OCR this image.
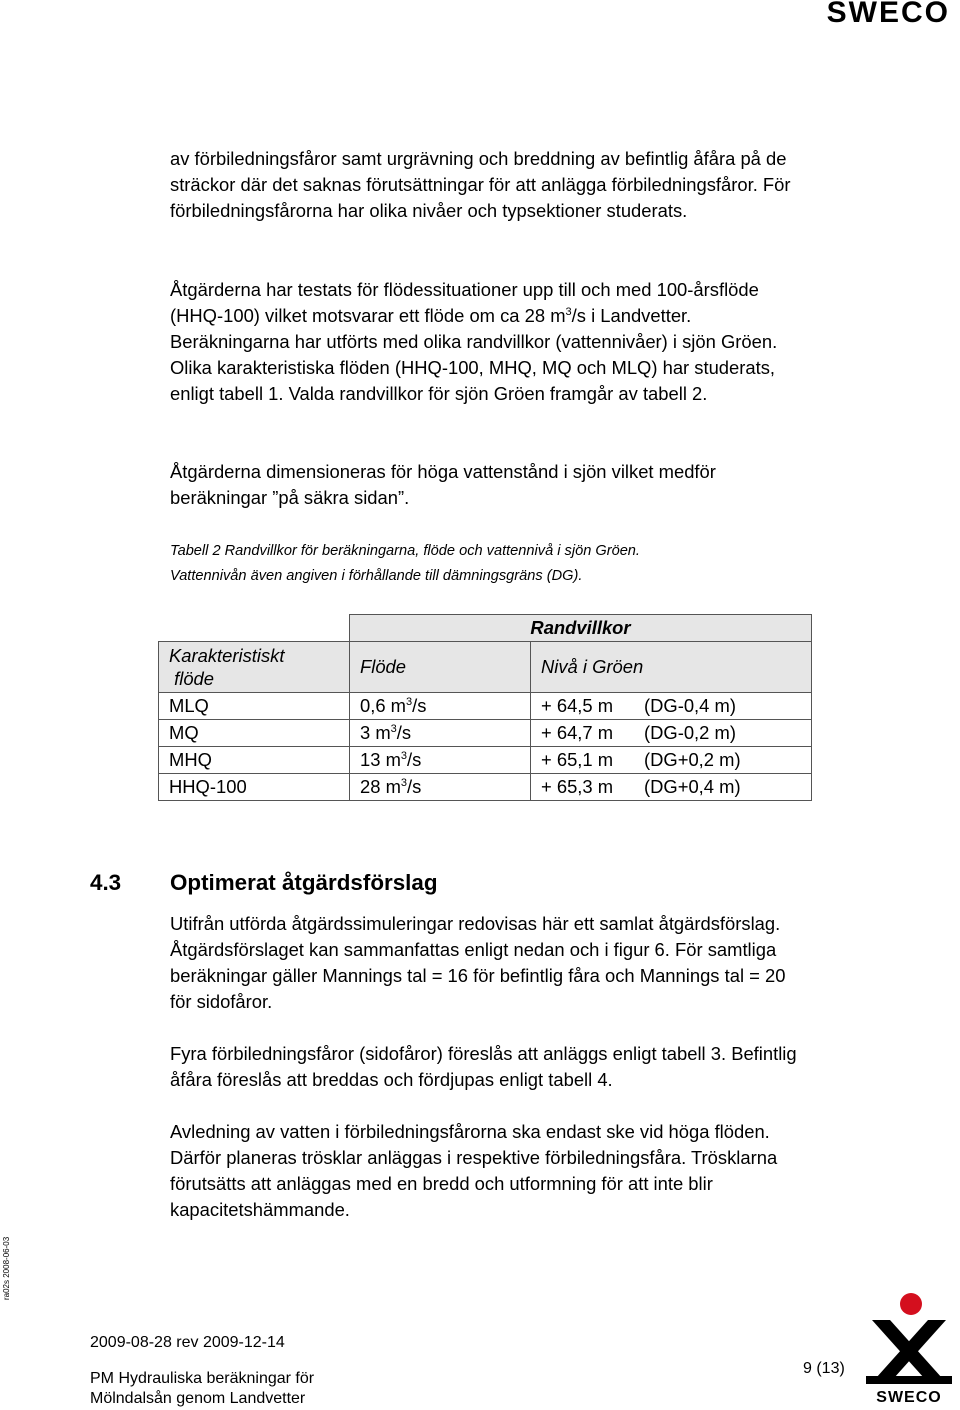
SWECO

av förbiledningsfåror samt urgrävning och breddning av befintlig åfåra på de sträckor där det saknas förutsättningar för att anlägga förbiledningsfåror. För förbiledningsfårorna har olika nivåer och typsektioner studerats.

Åtgärderna har testats för flödessituationer upp till och med 100-årsflöde (HHQ-100) vilket motsvarar ett flöde om ca 28 $m^3/s$ i Landvetter. Beräkningarna har utförts med olika randvillkor (vattennivåer) i sjön Gröen. Olika karakteristiska flöden (HHQ-100, MHQ, MQ och MLQ) har studerats, enligt tabell 1. Valda randvillkor för sjön Gröen framgår av tabell 2.

Åtgärderna dimensioneras för höga vattenstånd i sjön vilket medför beräkningar ”på säkra sidan”.

Tabell 2 Randvillkor för beräkningarna, flöde och vattennivå i sjön Gröen.

Vattennivån även angiven i förhållande till dämningsgräns (DG).

	Randvillkor	
Karakteristiskt
flöde	Flöde	Nivå i Gröen
MLQ	0,6 $m^3/s$	+ 64,5 m (DG-0,4 m)
MQ	3 $m^3/s$	+ 64,7 m (DG-0,2 m)
MHQ	13 $m^3/s$	+ 65,1 m (DG+0,2 m)
HHQ-100	28 $m^3/s$	+ 65,3 m (DG+0,4 m)
4.3 Optimerat åtgärdsförslag

Utifrån utförda åtgärdssimuleringar redovisas här ett samlat åtgärdsförslag. Åtgärdsförslaget kan sammanfattas enligt nedan och i figur 6. För samtliga beräkningar gäller Mannings tal = 16 för befintlig fåra och Mannings tal = 20 för sidofåror.

Fyra förbiledningsfåror (sidofåror) föreslås att anläggs enligt tabell 3. Befintlig åfåra föreslås att breddas och fördjupas enligt tabell 4.

Avledning av vatten i förbiledningsfårorna ska endast ske vid höga flöden. Därför planeras trösklar anläggas i respektive förbiledningsfåra. Trösklarna förutsätts att anläggas med en bredd och utformning för att inte blir kapacitetshämmande.

ra02s 2008-06-03
2009-08-28 rev 2009-12-14
PM Hydrauliska beräkningar för
Mölndalsån genom Landvetter
9 (13)
SWECO
